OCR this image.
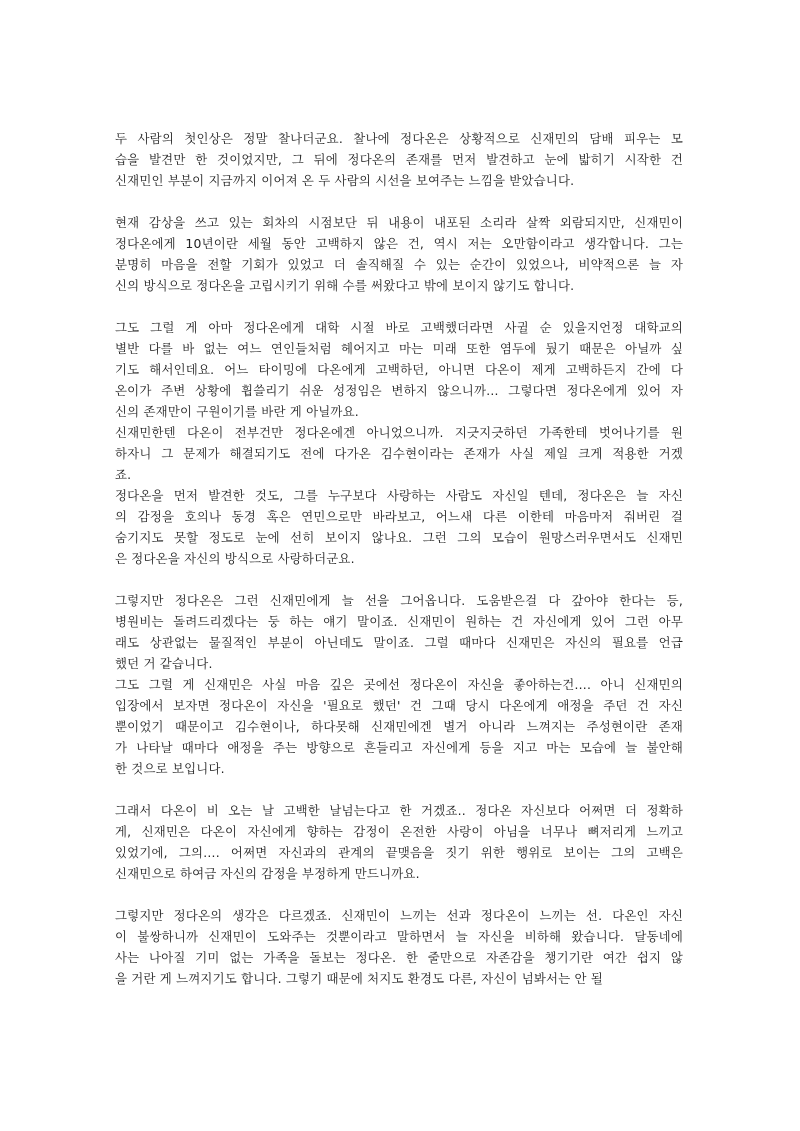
두 사람의 첫인상은 정말 찰나더군요. 찰나에 정다온은 상황적으로 신재민의 담배 피우는 모
습을 발견만 한 것이었지만, 그 뒤에 정다온의 존재를 먼저 발견하고 눈에 밟히기 시작한 건
신재민인 부분이 지금까지 이어져 온 두 사람의 시선을 보여주는 느낌을 받았습니다.

현재 감상을 쓰고 있는 회차의 시점보단 뒤 내용이 내포된 소리라 살짝 외람되지만, 신재민이
정다온에게 10년이란 세월 동안 고백하지 않은 건, 역시 저는 오만함이라고 생각합니다. 그는
분명히 마음을 전할 기회가 있었고 더 솔직해질 수 있는 순간이 있었으나, 비약적으론 늘 자
신의 방식으로 정다온을 고립시키기 위해 수를 써왔다고 밖에 보이지 않기도 합니다.

그도 그럴 게 아마 정다온에게 대학 시절 바로 고백했더라면 사귈 순 있을지언정 대학교의
별반 다를 바 없는 여느 연인들처럼 헤어지고 마는 미래 또한 염두에 뒀기 때문은 아닐까 싶
기도 해서인데요. 어느 타이밍에 다온에게 고백하던, 아니면 다온이 제게 고백하든지 간에 다
온이가 주변 상황에 휩쓸리기 쉬운 성정임은 변하지 않으니까… 그렇다면 정다온에게 있어 자
신의 존재만이 구원이기를 바란 게 아닐까요.

신재민한텐 다온이 전부건만 정다온에겐 아니었으니까. 지긋지긋하던 가족한테 벗어나기를 원
하자니 그 문제가 해결되기도 전에 다가온 김수현이라는 존재가 사실 제일 크게 적용한 거겠
죠.

정다온을 먼저 발견한 것도, 그를 누구보다 사랑하는 사람도 자신일 텐데, 정다온은 늘 자신
의 감정을 호의나 동경 혹은 연민으로만 바라보고, 어느새 다른 이한테 마음마저 줘버린 걸
숨기지도 못할 정도로 눈에 선히 보이지 않나요. 그런 그의 모습이 원망스러우면서도 신재민
은 정다온을 자신의 방식으로 사랑하더군요.

그렇지만 정다온은 그런 신재민에게 늘 선을 그어옵니다. 도움받은걸 다 갚아야 한다는 등,
병원비는 돌려드리겠다는 둥 하는 얘기 말이죠. 신재민이 원하는 건 자신에게 있어 그런 아무
래도 상관없는 물질적인 부분이 아닌데도 말이죠. 그럴 때마다 신재민은 자신의 필요를 언급
했던 거 같습니다.

그도 그럴 게 신재민은 사실 마음 깊은 곳에선 정다온이 자신을 좋아하는건…. 아니 신재민의
입장에서 보자면 정다온이 자신을 '필요로 했던' 건 그때 당시 다온에게 애정을 주던 건 자신
뿐이었기 때문이고 김수현이나, 하다못해 신재민에겐 별거 아니라 느껴지는 주성현이란 존재
가 나타날 때마다 애정을 주는 방향으로 흔들리고 자신에게 등을 지고 마는 모습에 늘 불안해
한 것으로 보입니다.

그래서 다온이 비 오는 날 고백한 날넘는다고 한 거겠죠.. 정다온 자신보다 어쩌면 더 정확하
게, 신재민은 다온이 자신에게 향하는 감정이 온전한 사랑이 아님을 너무나 뼈저리게 느끼고
있었기에, 그의…. 어쩌면 자신과의 관계의 끝맺음을 짓기 위한 행위로 보이는 그의 고백은
신재민으로 하여금 자신의 감정을 부정하게 만드니까요.

그렇지만 정다온의 생각은 다르겠죠. 신재민이 느끼는 선과 정다온이 느끼는 선. 다온인 자신
이 불쌍하니까 신재민이 도와주는 것뿐이라고 말하면서 늘 자신을 비하해 왔습니다. 달동네에
사는 나아질 기미 없는 가족을 돌보는 정다온. 한 줄만으로 자존감을 챙기기란 여간 쉽지 않
을 거란 게 느껴지기도 합니다. 그렇기 때문에 처지도 환경도 다른, 자신이 넘봐서는 안 될
